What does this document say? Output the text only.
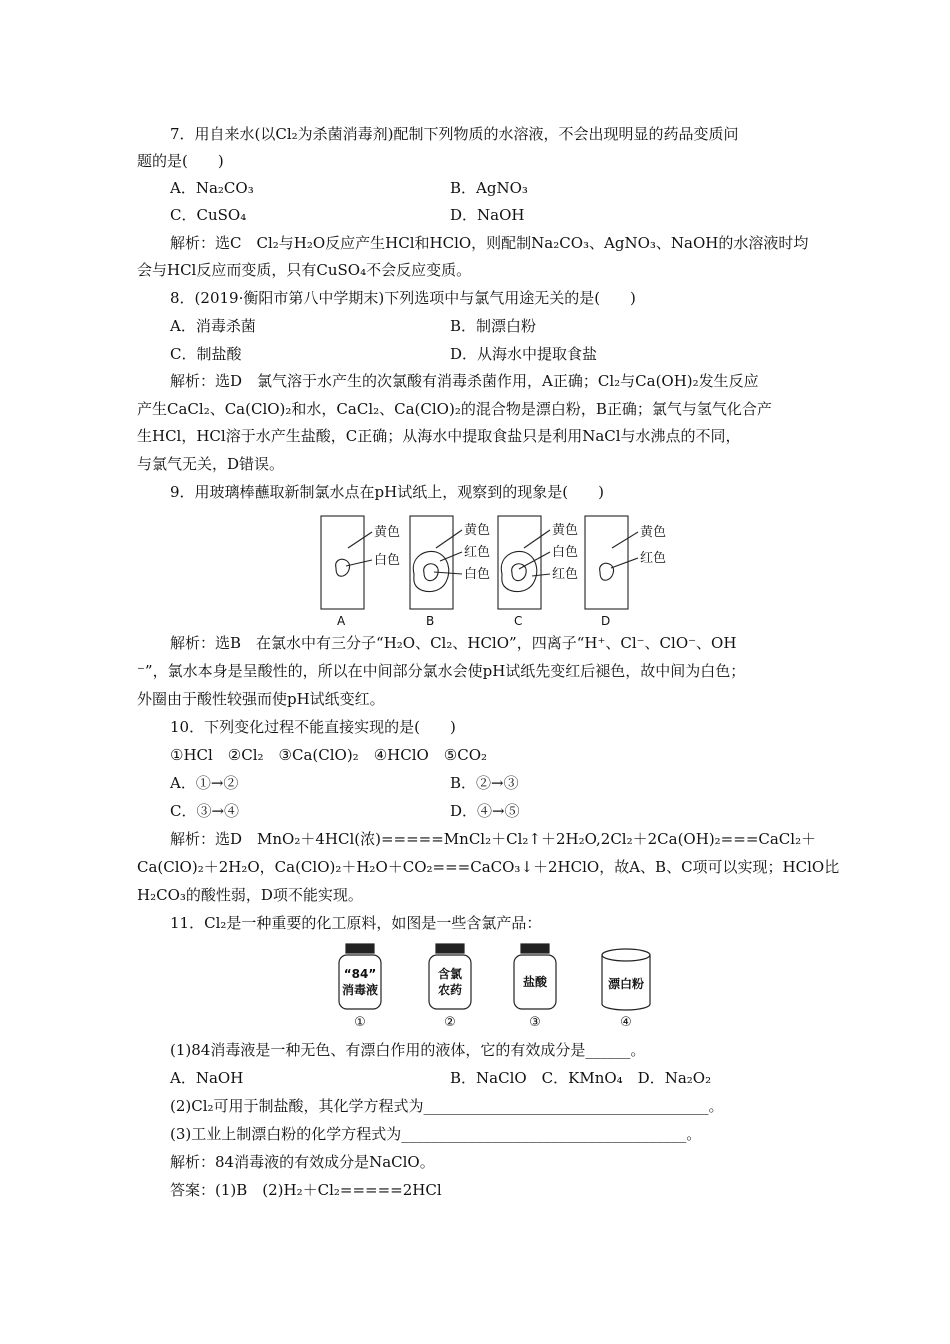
7．用自来水(以Cl₂为杀菌消毒剂)配制下列物质的水溶液，不会出现明显的药品变质问
题的是(　　)
A．Na₂CO₃	B．AgNO₃
C．CuSO₄	D．NaOH
解析：选C　Cl₂与H₂O反应产生HCl和HClO，则配制Na₂CO₃、AgNO₃、NaOH的水溶液时均
会与HCl反应而变质，只有CuSO₄不会反应变质。
8．(2019·衡阳市第八中学期末)下列选项中与氯气用途无关的是(　　)
A．消毒杀菌	B．制漂白粉
C．制盐酸	D．从海水中提取食盐
解析：选D　氯气溶于水产生的次氯酸有消毒杀菌作用，A正确；Cl₂与Ca(OH)₂发生反应
产生CaCl₂、Ca(ClO)₂和水，CaCl₂、Ca(ClO)₂的混合物是漂白粉，B正确；氯气与氢气化合产
生HCl，HCl溶于水产生盐酸，C正确；从海水中提取食盐只是利用NaCl与水沸点的不同，
与氯气无关，D错误。
9．用玻璃棒蘸取新制氯水点在pH试纸上，观察到的现象是(　　)
黄色
白色
黄色
红色
白色
黄色
白色
红色
黄色
红色
A	B	C	D
解析：选B　在氯水中有三分子“H₂O、Cl₂、HClO”，四离子“H⁺、Cl⁻、ClO⁻、OH
⁻”，氯水本身是呈酸性的，所以在中间部分氯水会使pH试纸先变红后褪色，故中间为白色；
外圈由于酸性较强而使pH试纸变红。
10．下列变化过程不能直接实现的是(　　)
①HCl　②Cl₂　③Ca(ClO)₂　④HClO　⑤CO₂
A．①→②	B．②→③
C．③→④	D．④→⑤
解析：选D　MnO₂＋4HCl(浓)=====MnCl₂＋Cl₂↑＋2H₂O,2Cl₂＋2Ca(OH)₂===CaCl₂＋
Ca(ClO)₂＋2H₂O，Ca(ClO)₂＋H₂O＋CO₂===CaCO₃↓＋2HClO，故A、B、C项可以实现；HClO比
H₂CO₃的酸性弱，D项不能实现。
11．Cl₂是一种重要的化工原料，如图是一些含氯产品：
“84”
消毒液
含氯
农药
盐酸	漂白粉
①	②	③	④
(1)84消毒液是一种无色、有漂白作用的液体，它的有效成分是______。
A．NaOH	B．NaClO　C．KMnO₄　D．Na₂O₂
(2)Cl₂可用于制盐酸，其化学方程式为______________________________________。
(3)工业上制漂白粉的化学方程式为______________________________________。
解析：84消毒液的有效成分是NaClO。
答案：(1)B　(2)H₂＋Cl₂=====2HCl
